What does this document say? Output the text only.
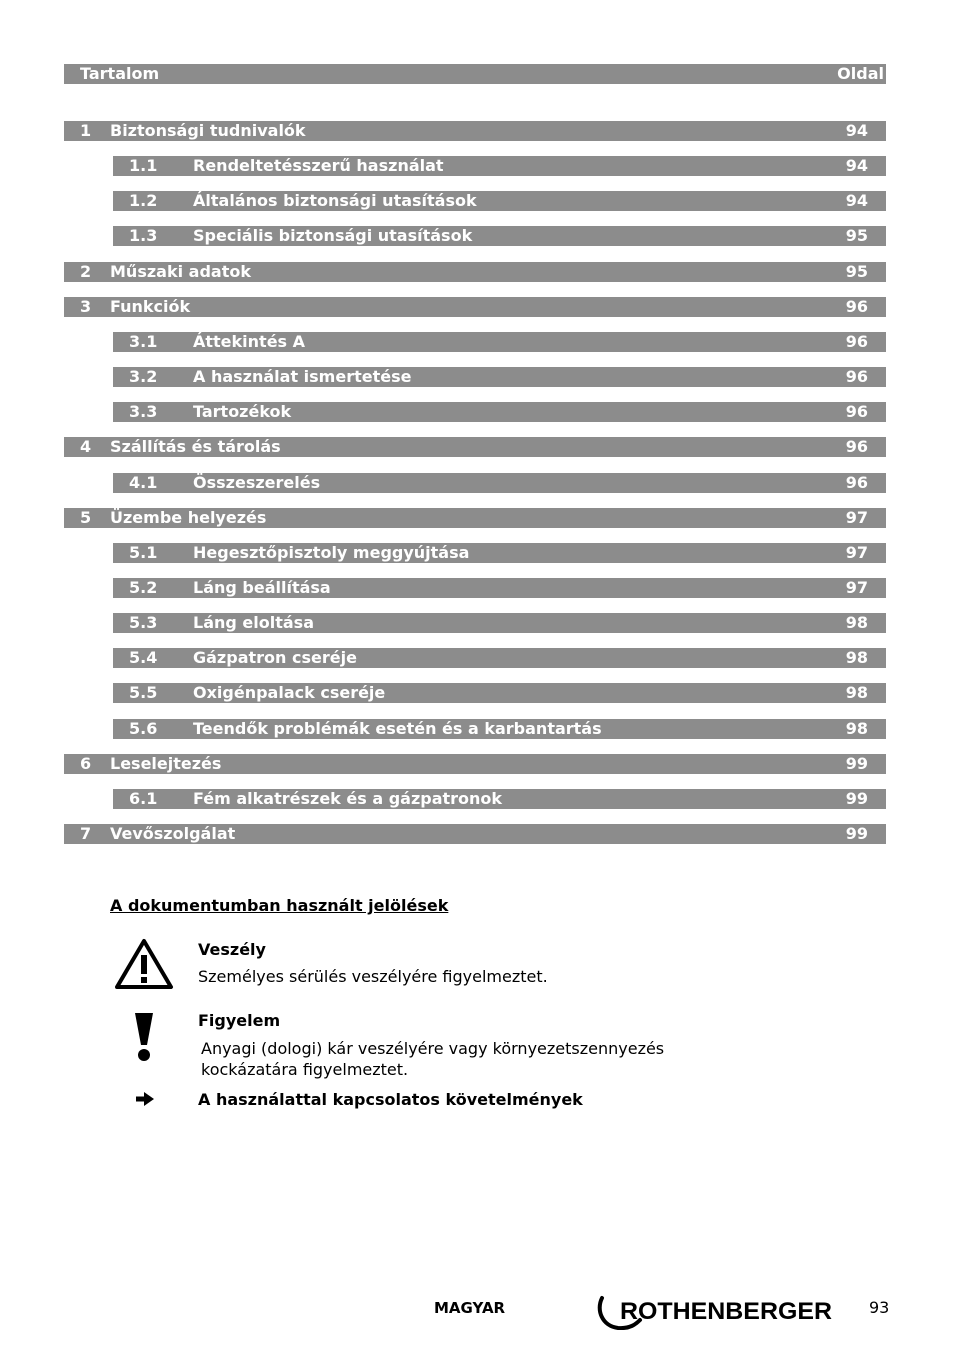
Tartalom	Oldal
1 Biztonsági tudnivalók	94
1.1 Rendeltetésszerű használat	94
1.2 Általános biztonsági utasítások	94
1.3 Speciális biztonsági utasítások	95
2 Műszaki adatok	95
3 Funkciók	96
3.1 Áttekintés A	96
3.2 A használat ismertetése	96
3.3 Tartozékok	96
4 Szállítás és tárolás	96
4.1 Összeszerelés	96
5 Üzembe helyezés	97
5.1 Hegesztőpisztoly meggyújtása	97
5.2 Láng beállítása	97
5.3 Láng eloltása	98
5.4 Gázpatron cseréje	98
5.5 Oxigénpalack cseréje	98
5.6 Teendők problémák esetén és a karbantartás	98
6 Leselejtezés	99
6.1 Fém alkatrészek és a gázpatronok	99
7 Vevőszolgálat	99
A dokumentumban használt jelölések
Veszély
Személyes sérülés veszélyére figyelmeztet.
Figyelem
Anyagi (dologi) kár veszélyére vagy környezetszennyezés
kockázatára figyelmeztet.
A használattal kapcsolatos követelmények
MAGYAR	ROTHENBERGER 93
